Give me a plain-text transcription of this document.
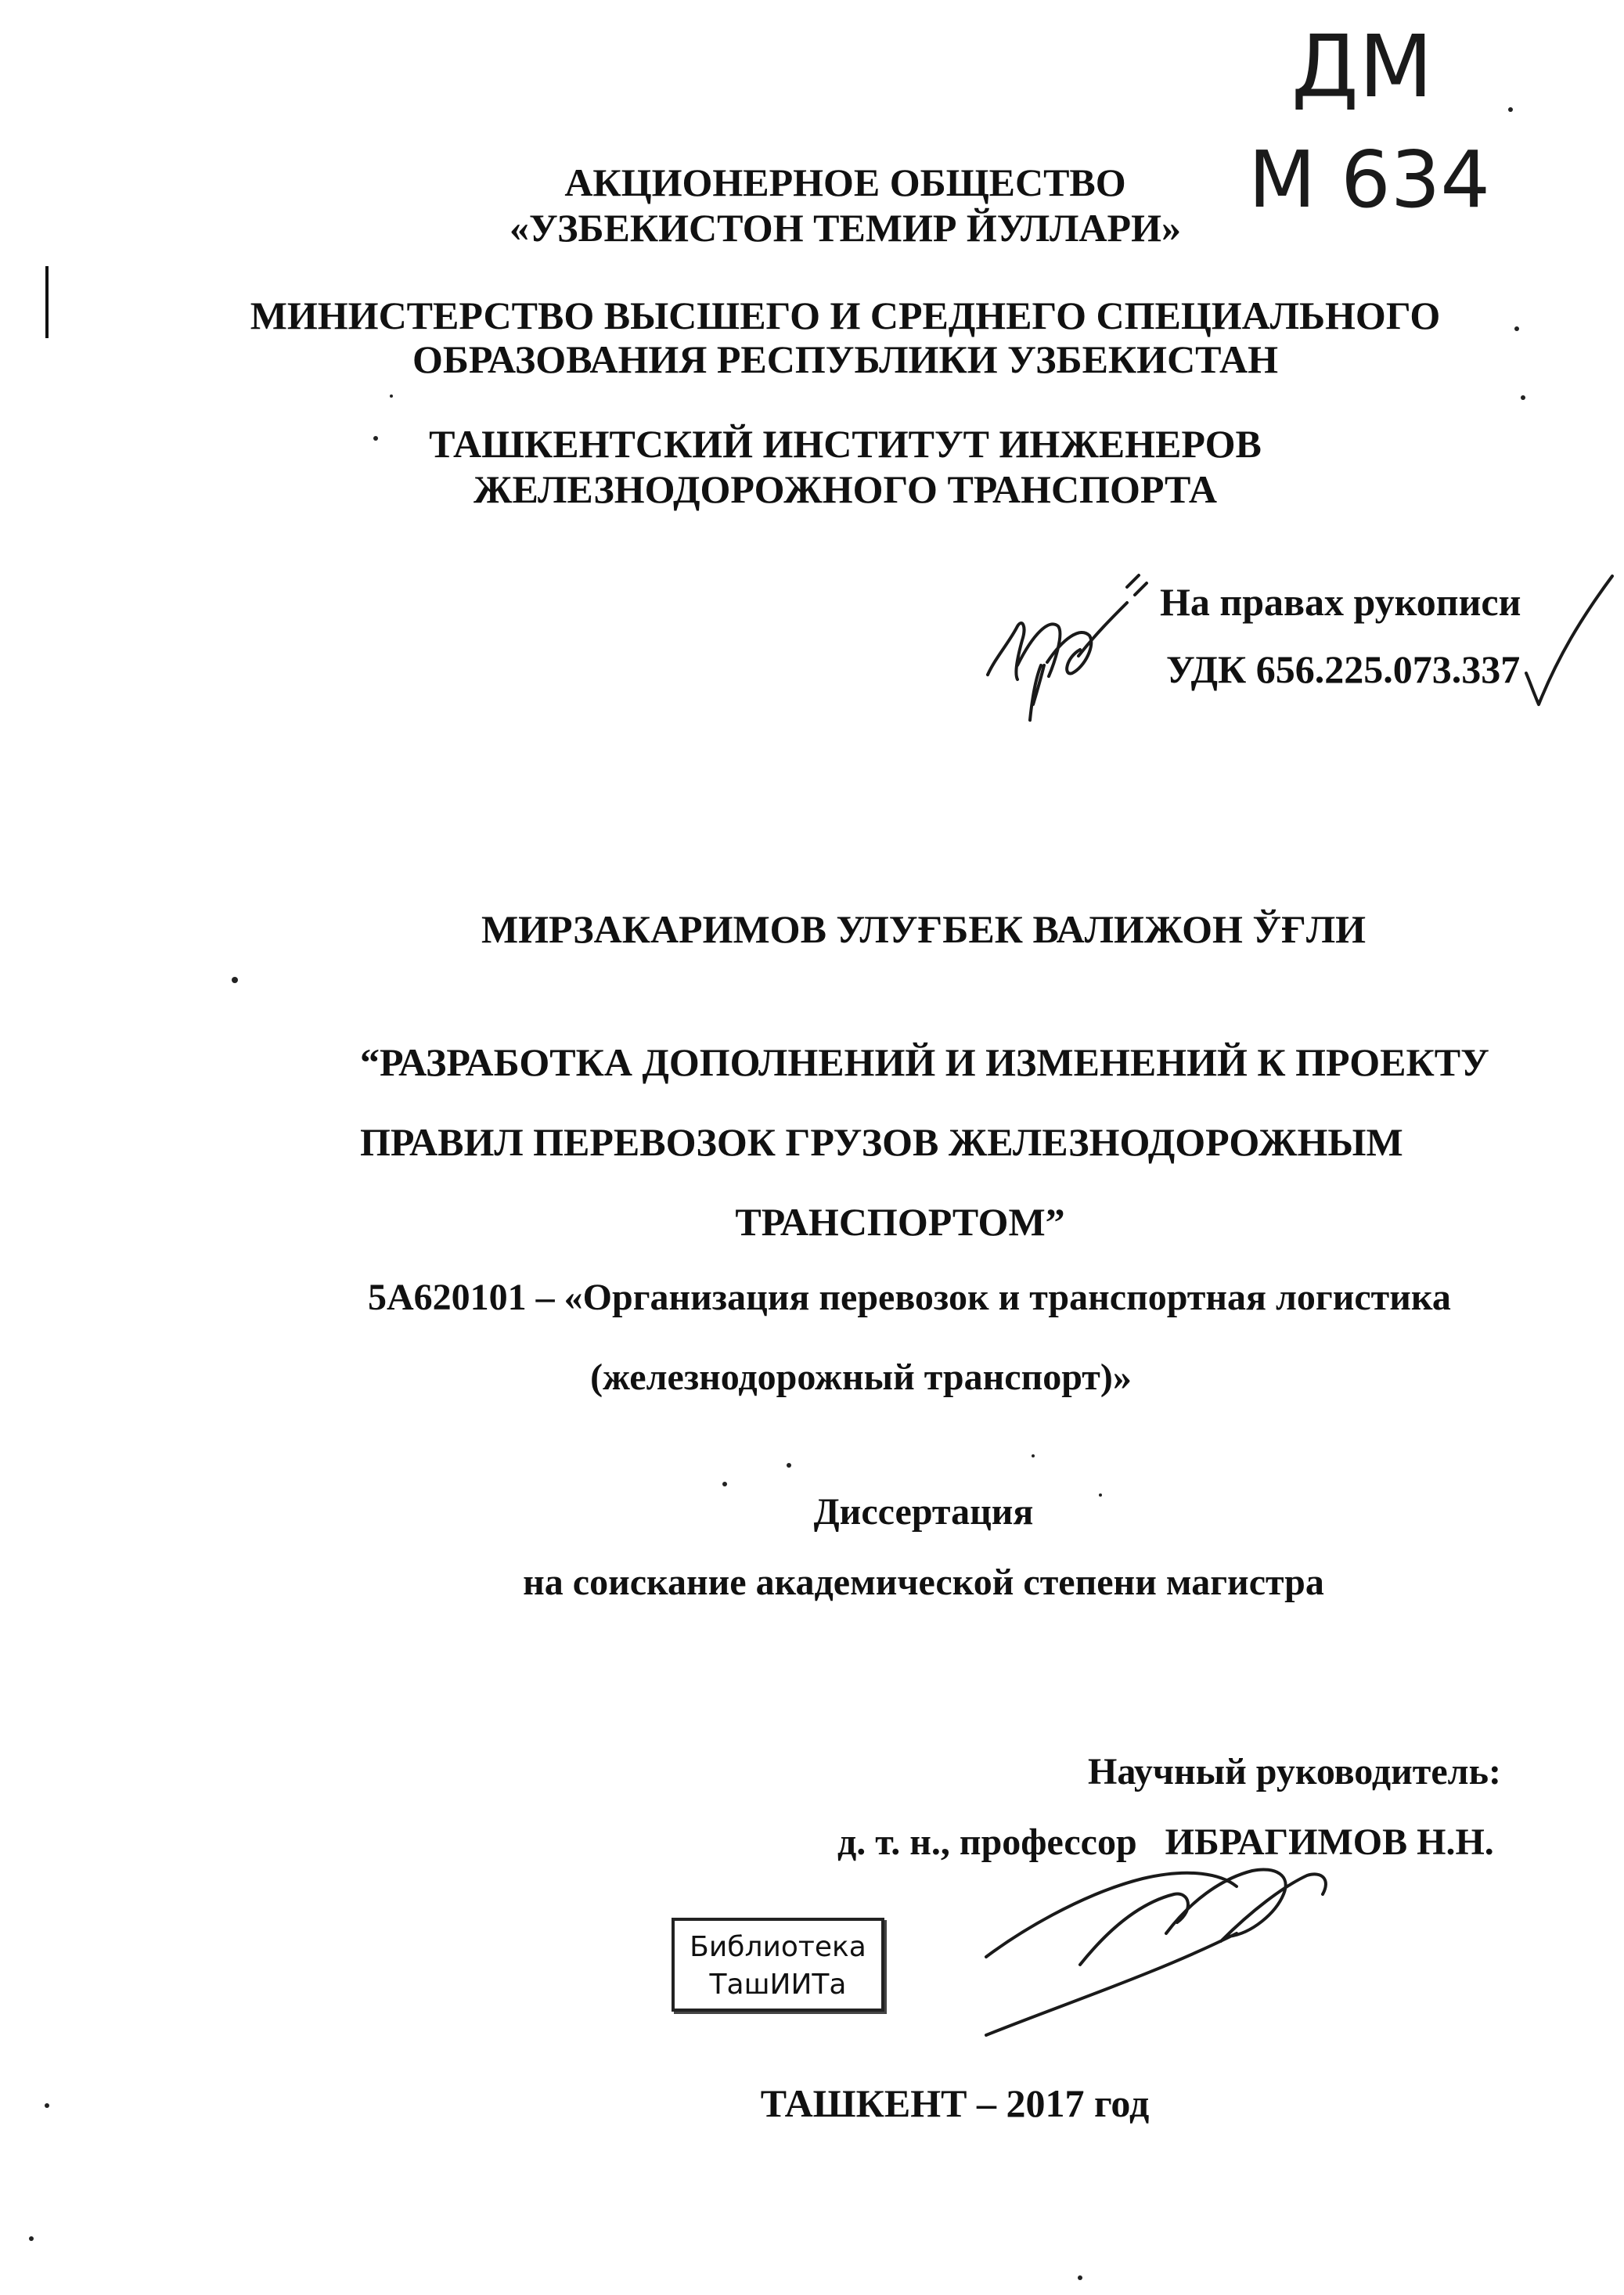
ДМ
М 634
АКЦИОНЕРНОЕ ОБЩЕСТВО
«УЗБЕКИСТОН ТЕМИР ЙУЛЛАРИ»
МИНИСТЕРСТВО ВЫСШЕГО И СРЕДНЕГО СПЕЦИАЛЬНОГО
ОБРАЗОВАНИЯ РЕСПУБЛИКИ УЗБЕКИСТАН
ТАШКЕНТСКИЙ ИНСТИТУТ ИНЖЕНЕРОВ
ЖЕЛЕЗНОДОРОЖНОГО ТРАНСПОРТА
На правах рукописи
УДК 656.225.073.337
МИРЗАКАРИМОВ УЛУҒБЕК ВАЛИЖОН ЎҒЛИ
“РАЗРАБОТКА ДОПОЛНЕНИЙ И ИЗМЕНЕНИЙ К ПРОЕКТУ
ПРАВИЛ ПЕРЕВОЗОК ГРУЗОВ ЖЕЛЕЗНОДОРОЖНЫМ
ТРАНСПОРТОМ”
5А620101 – «Организация перевозок и транспортная логистика
(железнодорожный транспорт)»
Диссертация
на соискание академической степени магистра
Научный руководитель:
д. т. н., профессор   ИБРАГИМОВ Н.Н.
Библиотека
ТашИИТа
ТАШКЕНТ – 2017 год
